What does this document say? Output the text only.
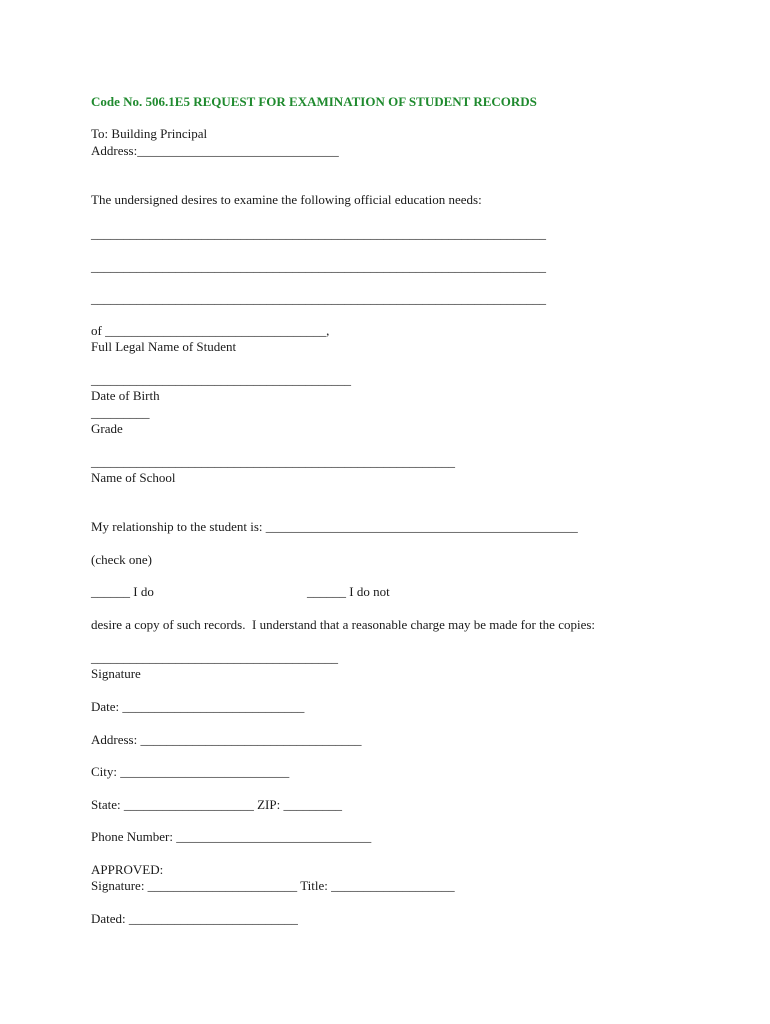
Code No. 506.1E5 REQUEST FOR EXAMINATION OF STUDENT RECORDS
To: Building Principal
Address:_______________________________
The undersigned desires to examine the following official education needs:
______________________________________________________________________
______________________________________________________________________
______________________________________________________________________
of __________________________________,
Full Legal Name of Student
________________________________________
Date of Birth
_________
Grade
________________________________________________________
Name of School
My relationship to the student is: ________________________________________________
(check one)
______ I do	______ I do not
desire a copy of such records.  I understand that a reasonable charge may be made for the copies:
______________________________________
Signature
Date: ____________________________
Address: __________________________________
City: __________________________
State: ____________________ ZIP: _________
Phone Number: ______________________________
APPROVED:
Signature: _______________________ Title: ___________________
Dated: __________________________
